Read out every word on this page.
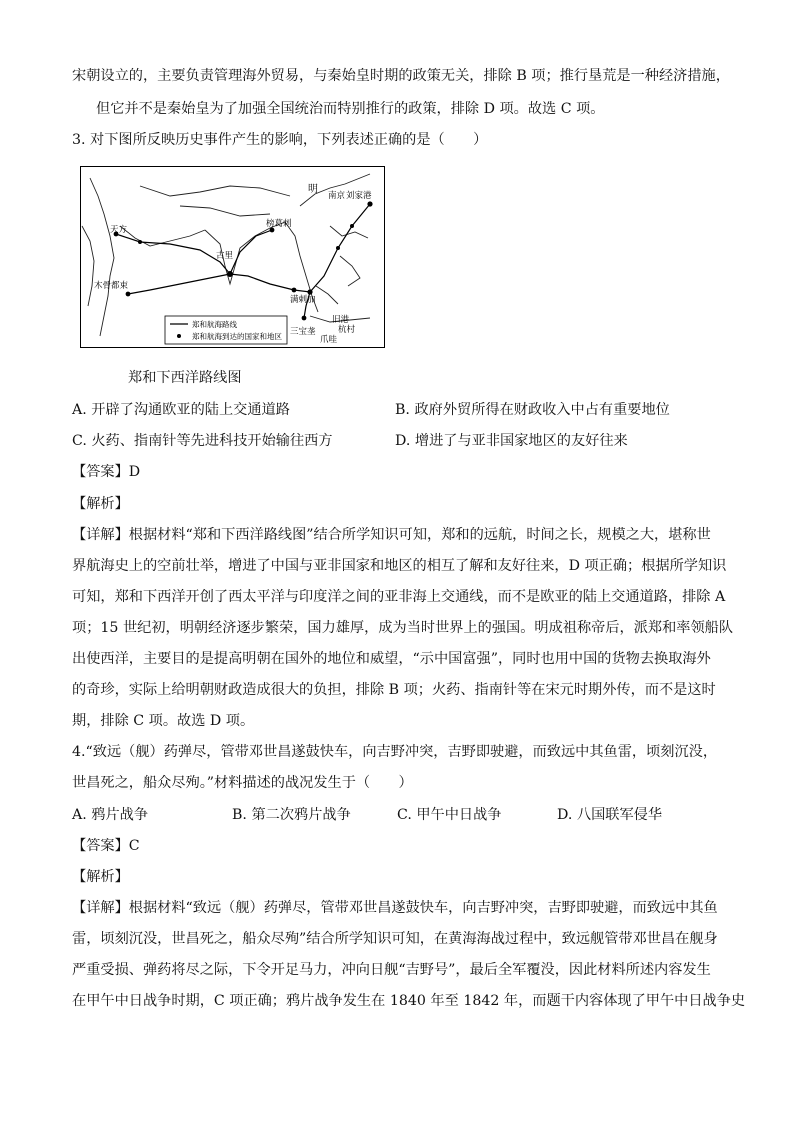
宋朝设立的，主要负责管理海外贸易，与秦始皇时期的政策无关，排除 B 项；推行垦荒是一种经济措施，
但它并不是秦始皇为了加强全国统治而特别推行的政策，排除 D 项。故选 C 项。
3. 对下图所反映历史事件产生的影响，下列表述正确的是（　　）
明
南京 刘家港
天方
古里
榜葛剌
木骨都束
满剌加
三宝垄
旧港
杭村
爪哇
郑和航海路线
郑和航海到达的国家和地区
郑和下西洋路线图
A. 开辟了沟通欧亚的陆上交通道路	B. 政府外贸所得在财政收入中占有重要地位
C. 火药、指南针等先进科技开始输往西方	D. 增进了与亚非国家地区的友好往来
【答案】D
【解析】
【详解】根据材料“郑和下西洋路线图”结合所学知识可知，郑和的远航，时间之长，规模之大，堪称世
界航海史上的空前壮举，增进了中国与亚非国家和地区的相互了解和友好往来，D 项正确；根据所学知识
可知，郑和下西洋开创了西太平洋与印度洋之间的亚非海上交通线，而不是欧亚的陆上交通道路，排除 A
项；15 世纪初，明朝经济逐步繁荣，国力雄厚，成为当时世界上的强国。明成祖称帝后，派郑和率领船队
出使西洋，主要目的是提高明朝在国外的地位和威望，“示中国富强”，同时也用中国的货物去换取海外
的奇珍，实际上给明朝财政造成很大的负担，排除 B 项；火药、指南针等在宋元时期外传，而不是这时
期，排除 C 项。故选 D 项。
4.“致远（舰）药弹尽，管带邓世昌遂鼓快车，向吉野冲突，吉野即驶避，而致远中其鱼雷，顷刻沉没，
世昌死之，船众尽殉。”材料描述的战况发生于（　　）
A. 鸦片战争	B. 第二次鸦片战争	C. 甲午中日战争	D. 八国联军侵华
【答案】C
【解析】
【详解】根据材料“致远（舰）药弹尽，管带邓世昌遂鼓快车，向吉野冲突，吉野即驶避，而致远中其鱼
雷，顷刻沉没，世昌死之，船众尽殉”结合所学知识可知，在黄海海战过程中，致远舰管带邓世昌在舰身
严重受损、弹药将尽之际，下令开足马力，冲向日舰“吉野号”，最后全军覆没，因此材料所述内容发生
在甲午中日战争时期，C 项正确；鸦片战争发生在 1840 年至 1842 年，而题干内容体现了甲午中日战争史
